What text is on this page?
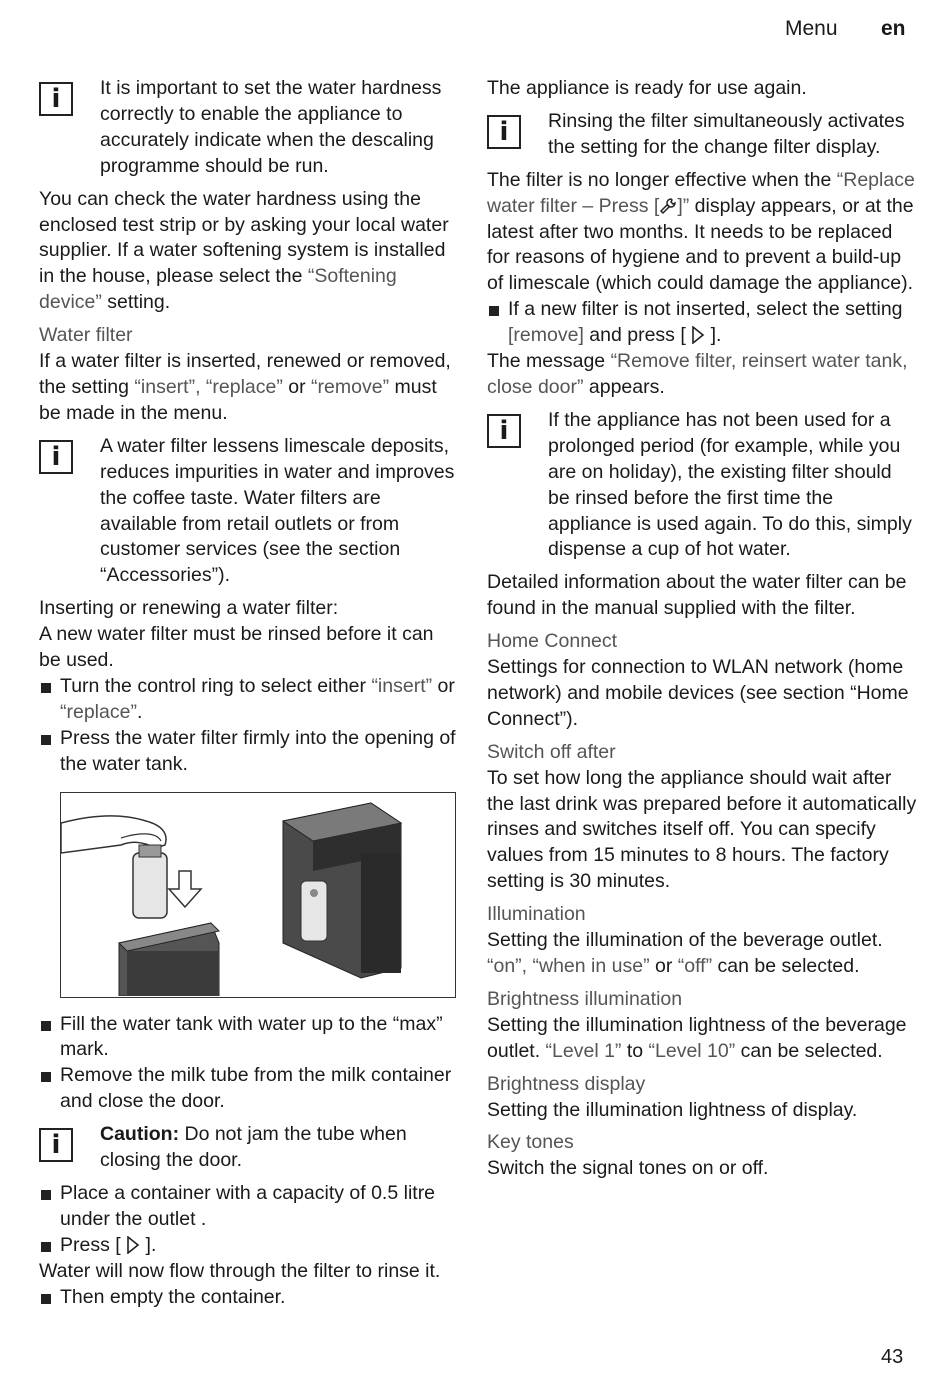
Menu en
i	It is important to set the water hardness correctly to enable the appliance to accurately indicate when the descaling programme should be run.

You can check the water hardness using the enclosed test strip or by asking your local water supplier. If a water softening system is installed in the house, please select the “Softening device” setting.

Water filter

If a water filter is inserted, renewed or removed, the setting “insert”, “replace” or “remove” must be made in the menu.

i	A water filter lessens limescale deposits, reduces impurities in water and improves the coffee taste. Water filters are available from retail outlets or from customer services (see the section “Accessories”).

Inserting or renewing a water filter:

A new water filter must be rinsed before it can be used.

Turn the control ring to select either “insert” or “replace”.
Press the water filter firmly into the opening of the water tank.
Fill the water tank with water up to the “max” mark.
Remove the milk tube from the milk container and close the door.
i	Caution: Do not jam the tube when closing the door.

Place a container with a capacity of 0.5 litre under the outlet .
Press [  ].

Water will now flow through the filter to rinse it.

Then empty the container.

The appliance is ready for use again.

i	Rinsing the filter simultaneously activates the setting for the change filter display.

The filter is no longer effective when the “Replace water filter – Press [ ]” display appears, or at the latest after two months. It needs to be replaced for reasons of hygiene and to prevent a build-up of limescale (which could damage the appliance).

If a new filter is not inserted, select the setting [remove] and press [  ].

The message “Remove filter, reinsert water tank, close door” appears.

i	If the appliance has not been used for a prolonged period (for example, while you are on holiday), the existing filter should be rinsed before the first time the appliance is used again. To do this, simply dispense a cup of hot water.

Detailed information about the water filter can be found in the manual supplied with the filter.

Home Connect

Settings for connection to WLAN network (home network) and mobile devices (see section “Home Connect”).

Switch off after

To set how long the appliance should wait after the last drink was prepared before it automatically rinses and switches itself off. You can specify values from 15 minutes to 8 hours. The factory setting is 30 minutes.

Illumination

Setting the illumination of the beverage outlet. “on”, “when in use” or “off” can be selected.

Brightness illumination

Setting the illumination lightness of the beverage outlet. “Level 1” to “Level 10” can be selected.

Brightness display

Setting the illumination lightness of display.

Key tones

Switch the signal tones on or off.

43
